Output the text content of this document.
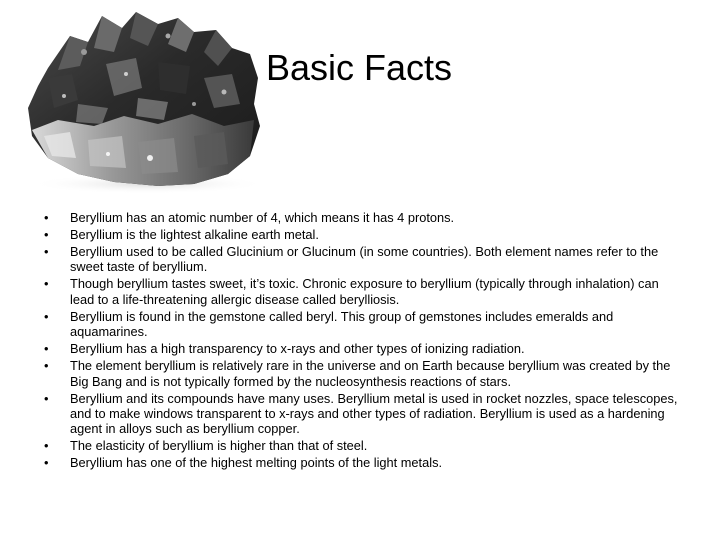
Basic Facts
• Beryllium has an atomic number of 4, which means it has 4 protons.
• Beryllium is the lightest alkaline earth metal.
• Beryllium used to be called Glucinium or Glucinum (in some countries). Both element names refer to the sweet taste of beryllium.
• Though beryllium tastes sweet, it’s toxic. Chronic exposure to beryllium (typically through inhalation) can lead to a life-threatening allergic disease called berylliosis.
• Beryllium is found in the gemstone called beryl. This group of gemstones includes emeralds and aquamarines.
• Beryllium has a high transparency to x-rays and other types of ionizing radiation.
• The element beryllium is relatively rare in the universe and on Earth because beryllium was created by the Big Bang and is not typically formed by the nucleosynthesis reactions of stars.
• Beryllium and its compounds have many uses. Beryllium metal is used in rocket nozzles, space telescopes, and to make windows transparent to x-rays and other types of radiation. Beryllium is used as a hardening agent in alloys such as beryllium copper.
• The elasticity of beryllium is higher than that of steel.
• Beryllium has one of the highest melting points of the light metals.
